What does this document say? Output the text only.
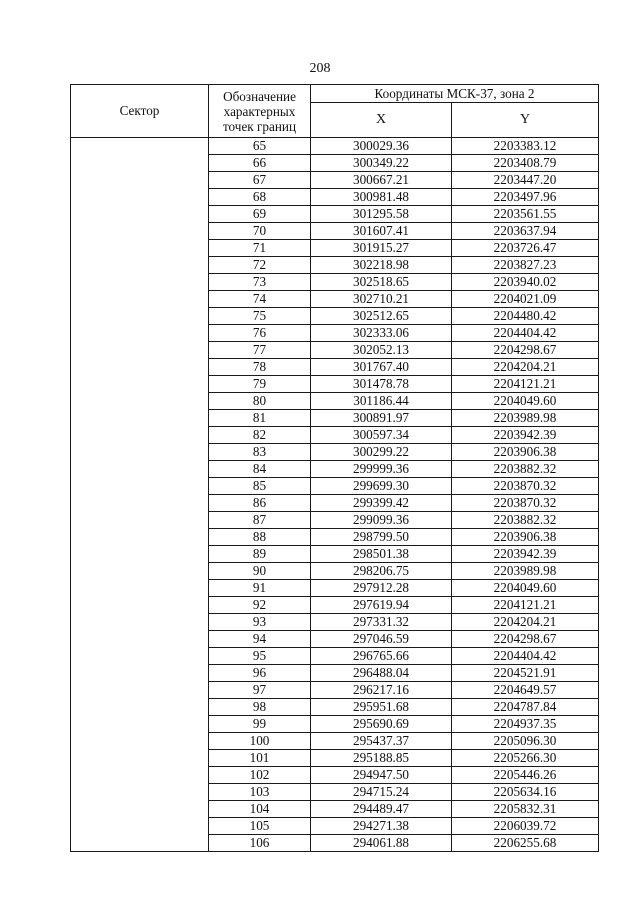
208
Сектор	Обозначение
характерных
точек границ	Координаты МСК-37, зона 2	
		X	Y
	65	300029.36	2203383.12
	66	300349.22	2203408.79
	67	300667.21	2203447.20
	68	300981.48	2203497.96
	69	301295.58	2203561.55
	70	301607.41	2203637.94
	71	301915.27	2203726.47
	72	302218.98	2203827.23
	73	302518.65	2203940.02
	74	302710.21	2204021.09
	75	302512.65	2204480.42
	76	302333.06	2204404.42
	77	302052.13	2204298.67
	78	301767.40	2204204.21
	79	301478.78	2204121.21
	80	301186.44	2204049.60
	81	300891.97	2203989.98
	82	300597.34	2203942.39
	83	300299.22	2203906.38
	84	299999.36	2203882.32
	85	299699.30	2203870.32
	86	299399.42	2203870.32
	87	299099.36	2203882.32
	88	298799.50	2203906.38
	89	298501.38	2203942.39
	90	298206.75	2203989.98
	91	297912.28	2204049.60
	92	297619.94	2204121.21
	93	297331.32	2204204.21
	94	297046.59	2204298.67
	95	296765.66	2204404.42
	96	296488.04	2204521.91
	97	296217.16	2204649.57
	98	295951.68	2204787.84
	99	295690.69	2204937.35
	100	295437.37	2205096.30
	101	295188.85	2205266.30
	102	294947.50	2205446.26
	103	294715.24	2205634.16
	104	294489.47	2205832.31
	105	294271.38	2206039.72
	106	294061.88	2206255.68
